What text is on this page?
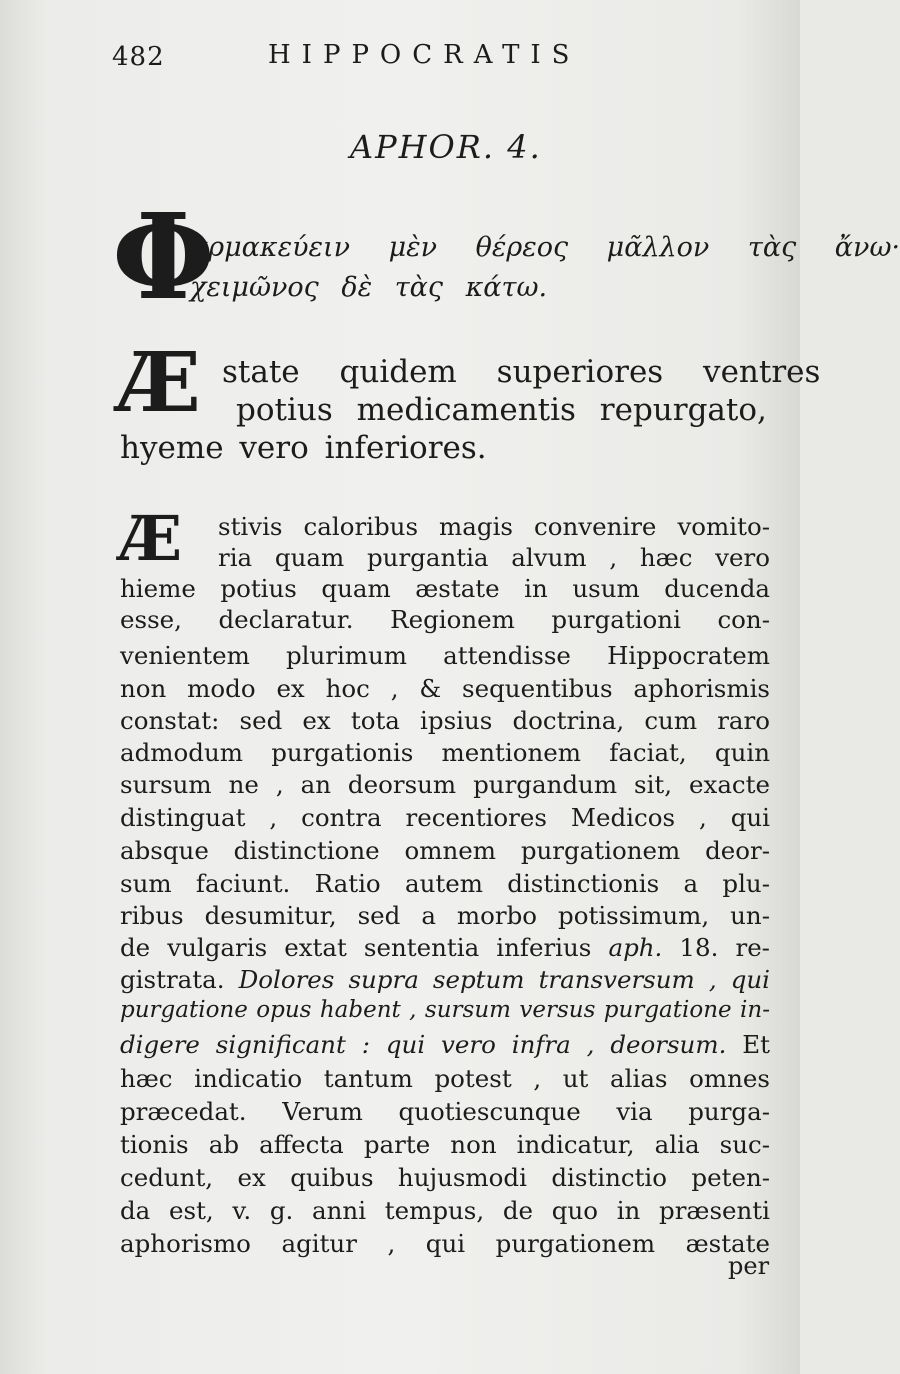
482	HIPPOCRATIS
APHOR. 4.
Φ
αρμακεύειν μὲν θέρεος μᾶλλον τὰς ἄνω·
χειμῶνος δὲ τὰς κάτω.
Æ state quidem superiores ventres
potius medicamentis repurgato,
hyeme vero inferiores.
Æ stivis caloribus magis convenire vomito-
ria quam purgantia alvum , hæc vero
hieme potius quam æstate in usum ducenda
esse, declaratur. Regionem purgationi con-
venientem plurimum attendisse Hippocratem
non modo ex hoc , & sequentibus aphorismis
constat: sed ex tota ipsius doctrina, cum raro
admodum purgationis mentionem faciat, quin
sursum ne , an deorsum purgandum sit, exacte
distinguat , contra recentiores Medicos , qui
absque distinctione omnem purgationem deor-
sum faciunt. Ratio autem distinctionis a plu-
ribus desumitur, sed a morbo potissimum, un-
de vulgaris extat sententia inferius aph. 18. re-
gistrata. Dolores supra septum transversum , qui
purgatione opus habent , sursum versus purgatione in-
digere significant : qui vero infra , deorsum. Et
hæc indicatio tantum potest , ut alias omnes
præcedat. Verum quotiescunque via purga-
tionis ab affecta parte non indicatur, alia suc-
cedunt, ex quibus hujusmodi distinctio peten-
da est, v. g. anni tempus, de quo in præsenti
aphorismo agitur , qui purgationem æstate
per
